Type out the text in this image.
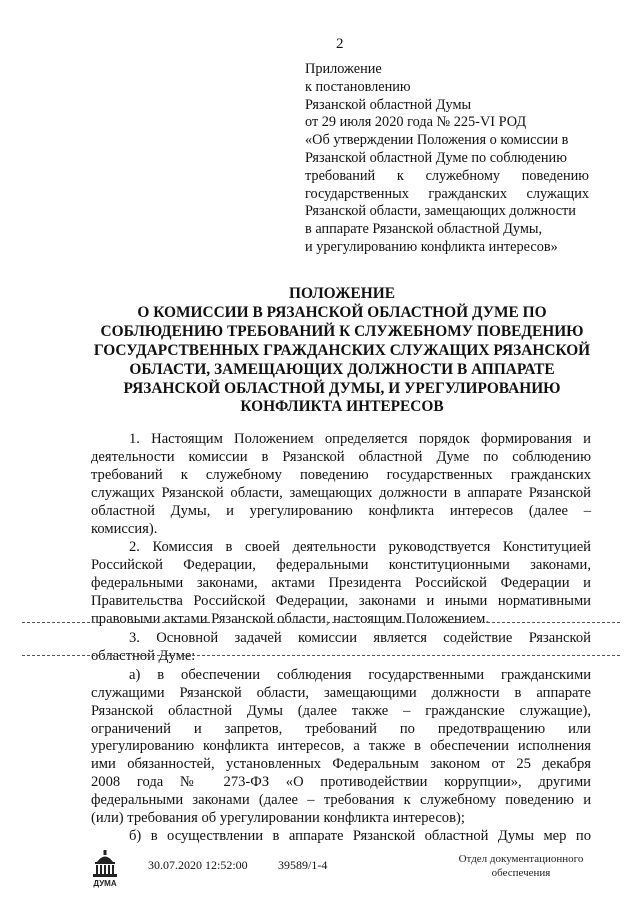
2
Приложение
к постановлению
Рязанской областной Думы
от 29 июля 2020 года № 225-VI РОД
«Об утверждении Положения о комиссии в
Рязанской областной Думе по соблюдению
требований к служебному поведению
государственных гражданских служащих
Рязанской области, замещающих должности
в аппарате Рязанской областной Думы,
и урегулированию конфликта интересов»
ПОЛОЖЕНИЕ
О КОМИССИИ В РЯЗАНСКОЙ ОБЛАСТНОЙ ДУМЕ ПО
СОБЛЮДЕНИЮ ТРЕБОВАНИЙ К СЛУЖЕБНОМУ ПОВЕДЕНИЮ
ГОСУДАРСТВЕННЫХ ГРАЖДАНСКИХ СЛУЖАЩИХ РЯЗАНСКОЙ
ОБЛАСТИ, ЗАМЕЩАЮЩИХ ДОЛЖНОСТИ В АППАРАТЕ
РЯЗАНСКОЙ ОБЛАСТНОЙ ДУМЫ, И УРЕГУЛИРОВАНИЮ
КОНФЛИКТА ИНТЕРЕСОВ
1. Настоящим Положением определяется порядок формирования и
деятельности комиссии в Рязанской областной Думе по соблюдению
требований к служебному поведению государственных гражданских
служащих Рязанской области, замещающих должности в аппарате Рязанской
областной Думы, и урегулированию конфликта интересов (далее –
комиссия).
2. Комиссия в своей деятельности руководствуется Конституцией
Российской Федерации, федеральными конституционными законами,
федеральными законами, актами Президента Российской Федерации и
Правительства Российской Федерации, законами и иными нормативными
правовыми актами Рязанской области, настоящим Положением.
3. Основной задачей комиссии является содействие Рязанской
областной Думе:
а) в обеспечении соблюдения государственными гражданскими
служащими Рязанской области, замещающими должности в аппарате
Рязанской областной Думы (далее также – гражданские служащие),
ограничений и запретов, требований по предотвращению или
урегулированию конфликта интересов, а также в обеспечении исполнения
ими обязанностей, установленных Федеральным законом от 25 декабря
2008 года № 273-ФЗ «О противодействии коррупции», другими
федеральными законами (далее – требования к служебному поведению и
(или) требования об урегулировании конфликта интересов);
б) в осуществлении в аппарате Рязанской областной Думы мер по
ДУМА
30.07.2020 12:52:00	39589/1-4	Отдел документационного
обеспечения
